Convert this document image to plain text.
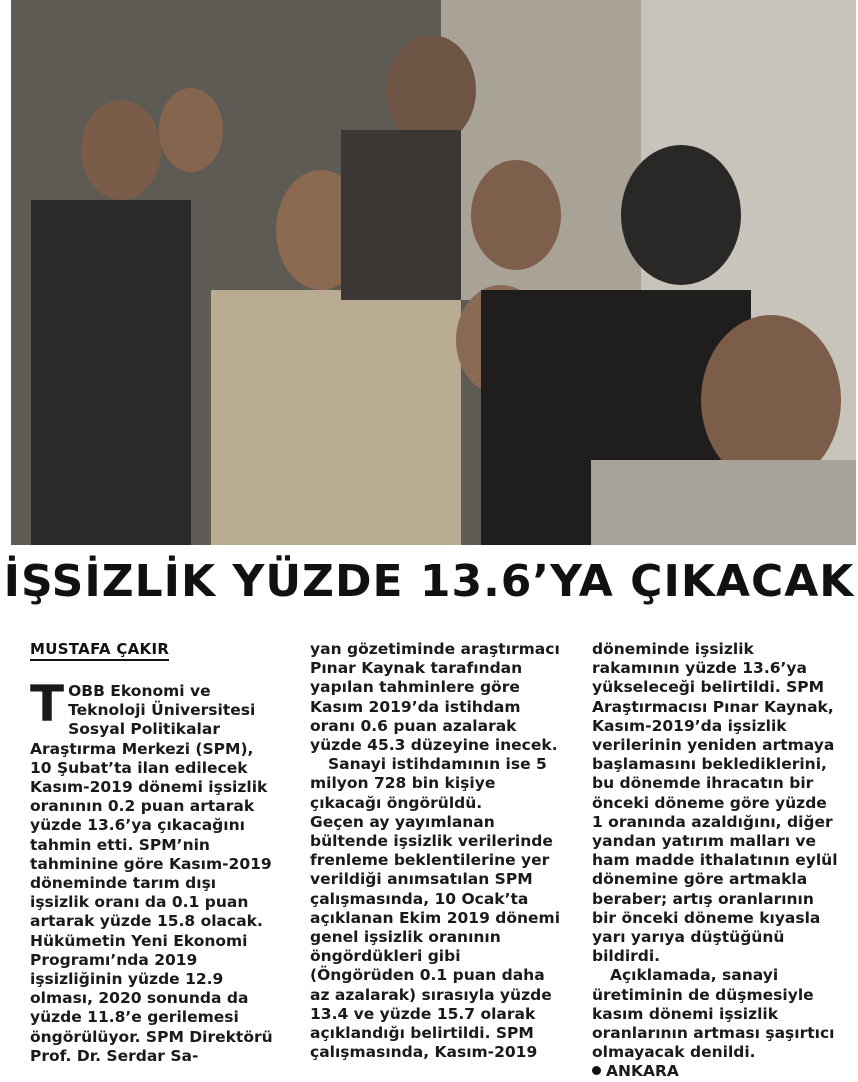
İŞSİZLİK YÜZDE 13.6’YA ÇIKACAK
MUSTAFA ÇAKIR

TOBB Ekonomi ve Teknoloji Üniversitesi Sosyal Politikalar Araştırma Merkezi (SPM), 10 Şubat’ta ilan edilecek Kasım-2019 dönemi işsizlik oranının 0.2 puan artarak yüzde 13.6’ya çıkacağını tahmin etti. SPM’nin tahminine göre Kasım-2019 döneminde tarım dışı işsizlik oranı da 0.1 puan artarak yüzde 15.8 olacak.

Hükümetin Yeni Ekonomi Programı’nda 2019 işsizliğinin yüzde 12.9 olması, 2020 sonunda da yüzde 11.8’e gerilemesi öngörülüyor. SPM Direktörü Prof. Dr. Serdar Sa-

yan gözetiminde araştırmacı Pınar Kaynak tarafından yapılan tahminlere göre Kasım 2019’da istihdam oranı 0.6 puan azalarak yüzde 45.3 düzeyine inecek.

Sanayi istihdamının ise 5 milyon 728 bin kişiye çıkacağı öngörüldü.

Geçen ay yayımlanan bültende işsizlik verilerinde frenleme beklentilerine yer verildiği anımsatılan SPM çalışmasında, 10 Ocak’ta açıklanan Ekim 2019 dönemi genel işsizlik oranının öngördükleri gibi (Öngörüden 0.1 puan daha az azalarak) sırasıyla yüzde 13.4 ve yüzde 15.7 olarak açıklandığı belirtildi. SPM çalışmasında, Kasım-2019

döneminde işsizlik rakamının yüzde 13.6’ya yükseleceği belirtildi. SPM Araştırmacısı Pınar Kaynak, Kasım-2019’da işsizlik verilerinin yeniden artmaya başlamasını beklediklerini, bu dönemde ihracatın bir önceki döneme göre yüzde 1 oranında azaldığını, diğer yandan yatırım malları ve ham madde ithalatının eylül dönemine göre artmakla beraber; artış oranlarının bir önceki döneme kıyasla yarı yarıya düştüğünü bildirdi.

Açıklamada, sanayi üretiminin de düşmesiyle kasım dönemi işsizlik oranlarının artması şaşırtıcı olmayacak denildi.

ANKARA
